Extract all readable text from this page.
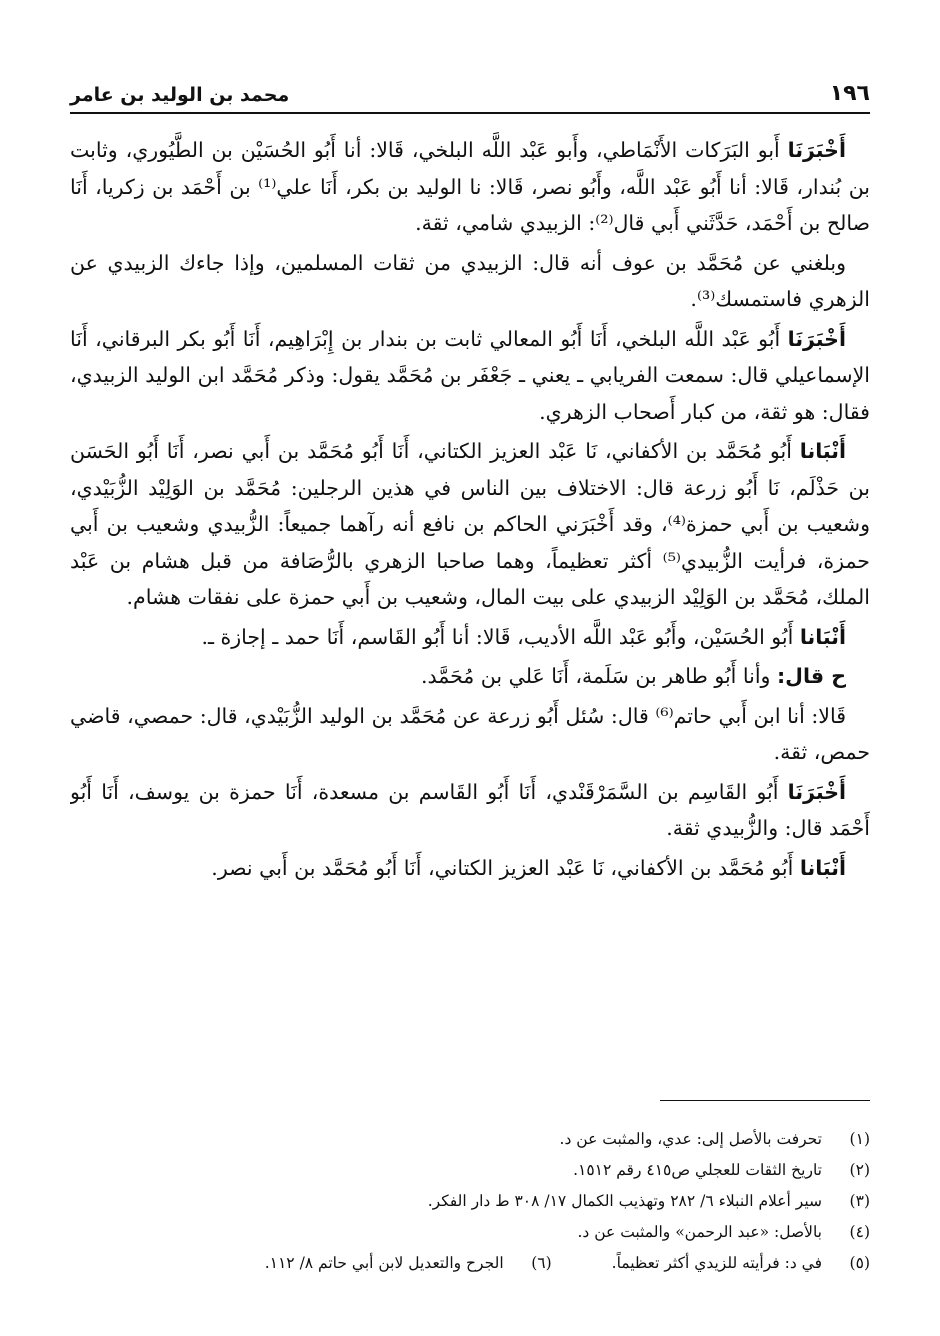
١٩٦
محمد بن الوليد بن عامر

أَخْبَرَنَا أَبو البَرَكات الأَنْمَاطي، وأَبو عَبْد اللَّه البلخي، قَالا: أنا أَبُو الحُسَيْن بن الطَّيُوري، وثابت بن بُندار، قَالا: أنا أَبُو عَبْد اللَّه، وأَبُو نصر، قَالا: نا الوليد بن بكر، أَنَا علي⁽¹⁾ بن أَحْمَد بن زكريا، أَنَا صالح بن أَحْمَد، حَدَّثَني أَبي قال⁽²⁾: الزبيدي شامي، ثقة.

وبلغني عن مُحَمَّد بن عوف أنه قال: الزبيدي من ثقات المسلمين، وإذا جاءك الزبيدي عن الزهري فاستمسك⁽³⁾.

أَخْبَرَنَا أَبُو عَبْد اللَّه البلخي، أَنَا أَبُو المعالي ثابت بن بندار بن إِبْرَاهِيم، أَنَا أَبُو بكر البرقاني، أَنَا الإسماعيلي قال: سمعت الفريابي ـ يعني ـ جَعْفَر بن مُحَمَّد يقول: وذكر مُحَمَّد ابن الوليد الزبيدي، فقال: هو ثقة، من كبار أَصحاب الزهري.

أَنْبَانا أَبُو مُحَمَّد بن الأكفاني، نَا عَبْد العزيز الكتاني، أَنَا أَبُو مُحَمَّد بن أَبي نصر، أَنَا أَبُو الحَسَن بن حَذْلَم، نَا أَبُو زرعة قال: الاختلاف بين الناس في هذين الرجلين: مُحَمَّد بن الوَلِيْد الزُّبَيْدي، وشعيب بن أَبي حمزة⁽⁴⁾، وقد أَخْبَرَني الحاكم بن نافع أنه رآهما جميعاً: الزُّبيدي وشعيب بن أَبي حمزة، فرأيت الزُّبيدي⁽⁵⁾ أكثر تعظيماً، وهما صاحبا الزهري بالرُّصَافة من قبل هشام بن عَبْد الملك، مُحَمَّد بن الوَلِيْد الزبيدي على بيت المال، وشعيب بن أَبي حمزة على نفقات هشام.

أَنْبَانا أَبُو الحُسَيْن، وأَبُو عَبْد اللَّه الأديب، قَالا: أنا أَبُو القَاسم، أَنَا حمد ـ إجازة ـ.

ح قال: وأنا أَبُو طاهر بن سَلَمة، أَنَا عَلي بن مُحَمَّد.

قَالا: أنا ابن أَبي حاتم⁽⁶⁾ قال: سُئل أَبُو زرعة عن مُحَمَّد بن الوليد الزُّبَيْدي، قال: حمصي، قاضي حمص، ثقة.

أَخْبَرَنَا أَبُو القَاسِم بن السَّمَرْقَنْدي، أَنَا أَبُو القَاسم بن مسعدة، أَنَا حمزة بن يوسف، أَنَا أَبُو أَحْمَد قال: والزُّبيدي ثقة.

أَنْبَانا أَبُو مُحَمَّد بن الأكفاني، نَا عَبْد العزيز الكتاني، أَنَا أَبُو مُحَمَّد بن أَبي نصر.

(١)
تحرفت بالأصل إلى: عدي، والمثبت عن د.
(٢)
تاريخ الثقات للعجلي ص٤١٥ رقم ١٥١٢.
(٣)
سير أعلام النبلاء ٦/ ٢٨٢ وتهذيب الكمال ١٧/ ٣٠٨ ط دار الفكر.
(٤)
بالأصل: «عبد الرحمن» والمثبت عن د.
(٥)
في د: فرأيته للزيدي أكثر تعظيماً.
(٦)
الجرح والتعديل لابن أبي حاتم ٨/ ١١٢.
